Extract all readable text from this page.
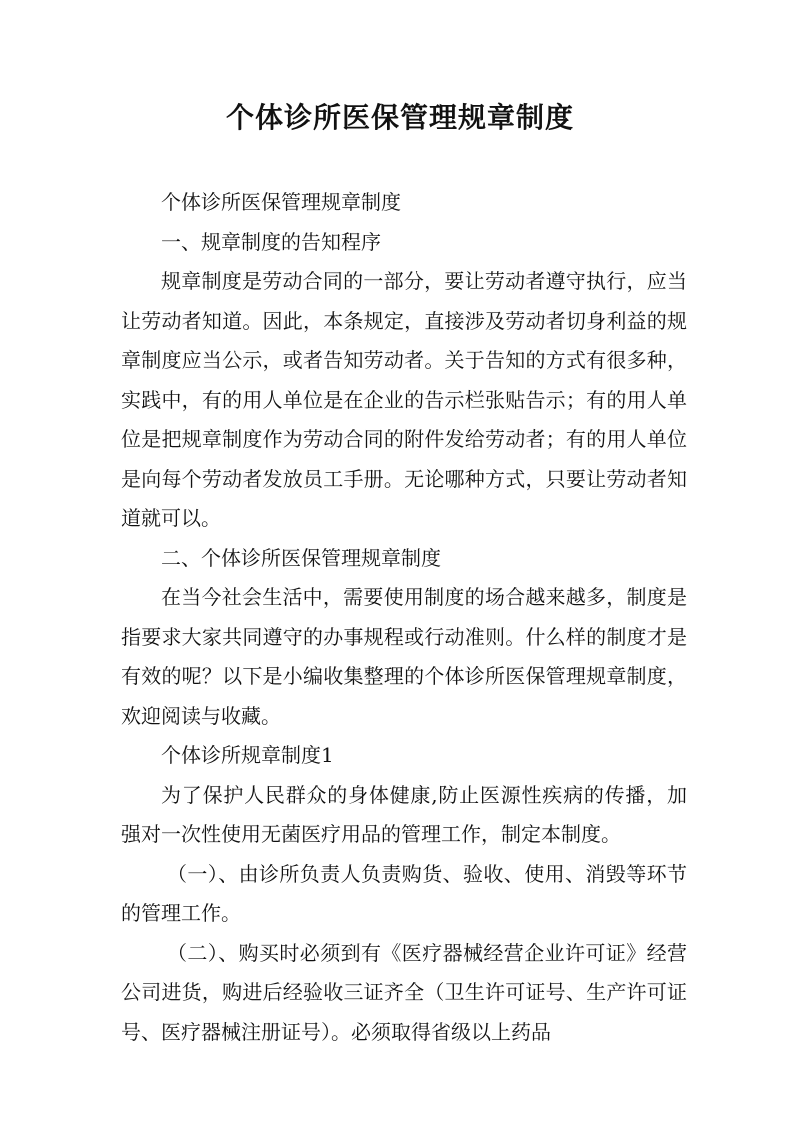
个体诊所医保管理规章制度

个体诊所医保管理规章制度

一、规章制度的告知程序

规章制度是劳动合同的一部分，要让劳动者遵守执行，应当让劳动者知道。因此，本条规定，直接涉及劳动者切身利益的规章制度应当公示，或者告知劳动者。关于告知的方式有很多种，实践中，有的用人单位是在企业的告示栏张贴告示；有的用人单位是把规章制度作为劳动合同的附件发给劳动者；有的用人单位是向每个劳动者发放员工手册。无论哪种方式，只要让劳动者知道就可以。

二、个体诊所医保管理规章制度

在当今社会生活中，需要使用制度的场合越来越多，制度是指要求大家共同遵守的办事规程或行动准则。什么样的制度才是有效的呢？以下是小编收集整理的个体诊所医保管理规章制度，欢迎阅读与收藏。

个体诊所规章制度1

为了保护人民群众的身体健康,防止医源性疾病的传播，加强对一次性使用无菌医疗用品的管理工作，制定本制度。

（一）、由诊所负责人负责购货、验收、使用、消毁等环节的管理工作。

（二）、购买时必须到有《医疗器械经营企业许可证》经营公司进货，购进后经验收三证齐全（卫生许可证号、生产许可证号、医疗器械注册证号）。必须取得省级以上药品
